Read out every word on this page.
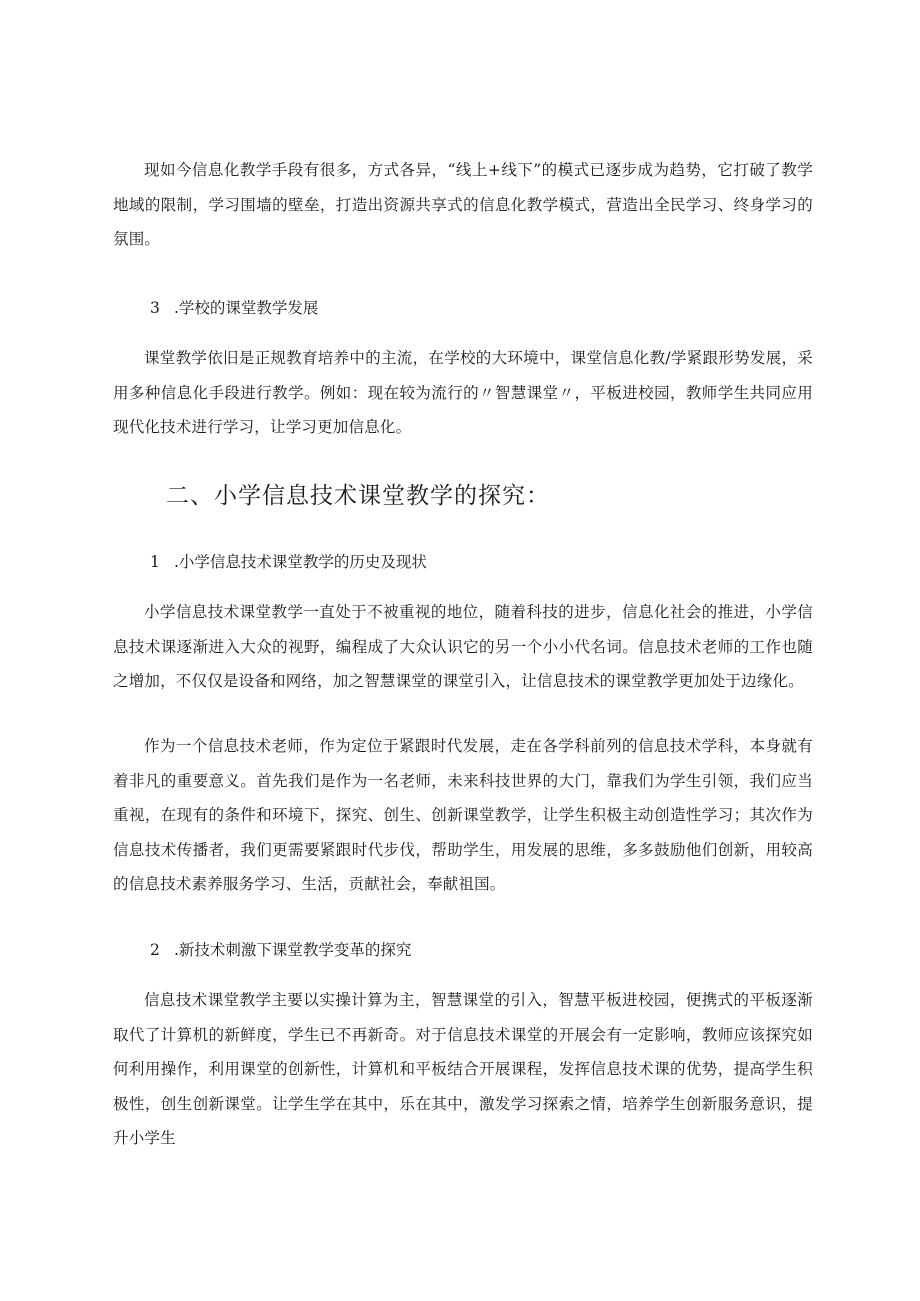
现如今信息化教学手段有很多，方式各异，“线上+线下”的模式已逐步成为趋势，它打破了教学地域的限制，学习围墙的壁垒，打造出资源共享式的信息化教学模式，营造出全民学习、终身学习的氛围。

3 .学校的课堂教学发展

课堂教学依旧是正规教育培养中的主流，在学校的大环境中，课堂信息化教/学紧跟形势发展，采用多种信息化手段进行教学。例如：现在较为流行的〃智慧课堂〃，平板进校园，教师学生共同应用现代化技术进行学习，让学习更加信息化。

二、小学信息技术课堂教学的探究：

1 .小学信息技术课堂教学的历史及现状

小学信息技术课堂教学一直处于不被重视的地位，随着科技的进步，信息化社会的推进，小学信息技术课逐渐进入大众的视野，编程成了大众认识它的另一个小小代名词。信息技术老师的工作也随之增加，不仅仅是设备和网络，加之智慧课堂的课堂引入，让信息技术的课堂教学更加处于边缘化。

作为一个信息技术老师，作为定位于紧跟时代发展，走在各学科前列的信息技术学科，本身就有着非凡的重要意义。首先我们是作为一名老师，未来科技世界的大门，靠我们为学生引领，我们应当重视，在现有的条件和环境下，探究、创生、创新课堂教学，让学生积极主动创造性学习；其次作为信息技术传播者，我们更需要紧跟时代步伐，帮助学生，用发展的思维，多多鼓励他们创新，用较高的信息技术素养服务学习、生活，贡献社会，奉献祖国。

2 .新技术刺激下课堂教学变革的探究

信息技术课堂教学主要以实操计算为主，智慧课堂的引入，智慧平板进校园，便携式的平板逐渐取代了计算机的新鲜度，学生已不再新奇。对于信息技术课堂的开展会有一定影响，教师应该探究如何利用操作，利用课堂的创新性，计算机和平板结合开展课程，发挥信息技术课的优势，提高学生积极性，创生创新课堂。让学生学在其中，乐在其中，激发学习探索之情，培养学生创新服务意识，提升小学生
